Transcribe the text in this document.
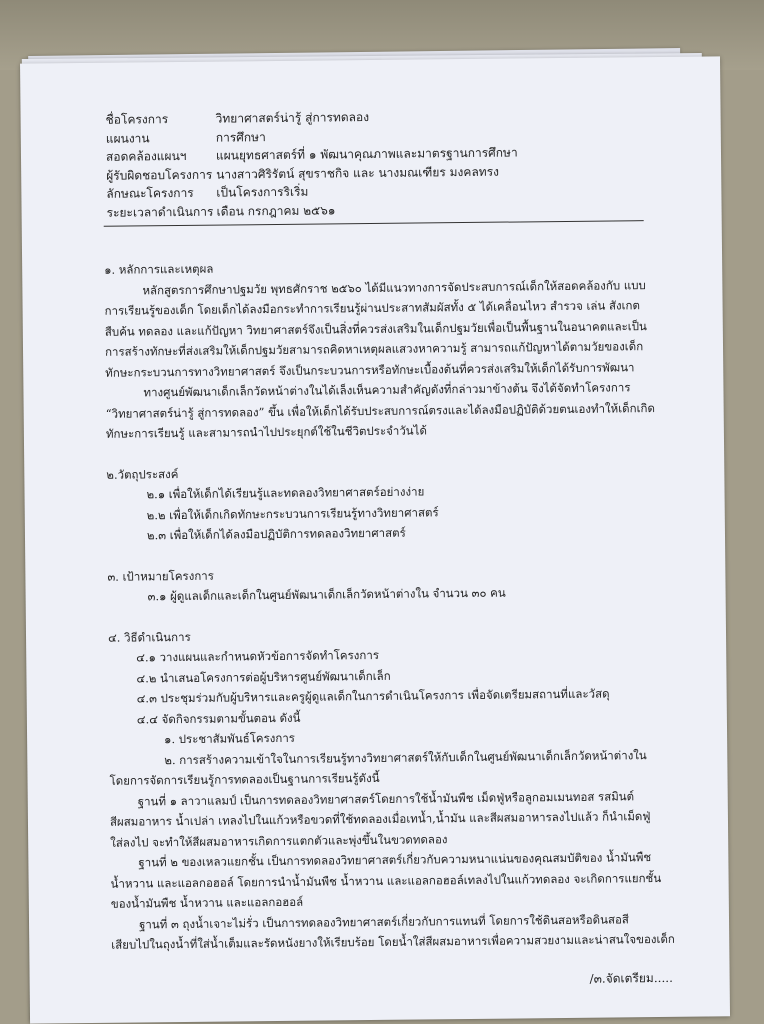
ชื่อโครงการ	วิทยาศาสตร์น่ารู้ สู่การทดลอง
แผนงาน	การศึกษา
สอดคล้องแผนฯ	แผนยุทธศาสตร์ที่ ๑ พัฒนาคุณภาพและมาตรฐานการศึกษา
ผู้รับผิดชอบโครงการ นางสาวศิริรัตน์ สุขราชกิจ และ นางมณเฑียร มงคลทรง
ลักษณะโครงการ	เป็นโครงการริเริ่ม
ระยะเวลาดำเนินการ เดือน กรกฎาคม ๒๕๖๑

๑. หลักการและเหตุผล

หลักสูตรการศึกษาปฐมวัย พุทธศักราช ๒๕๖๐ ได้มีแนวทางการจัดประสบการณ์เด็กให้สอดคล้องกับ แบบ

การเรียนรู้ของเด็ก โดยเด็กได้ลงมือกระทำการเรียนรู้ผ่านประสาทสัมผัสทั้ง ๕ ได้เคลื่อนไหว สำรวจ เล่น สังเกต

สืบค้น ทดลอง และแก้ปัญหา วิทยาศาสตร์จึงเป็นสิ่งที่ควรส่งเสริมในเด็กปฐมวัยเพื่อเป็นพื้นฐานในอนาคตและเป็น

การสร้างทักษะที่ส่งเสริมให้เด็กปฐมวัยสามารถคิดหาเหตุผลแสวงหาความรู้ สามารถแก้ปัญหาได้ตามวัยของเด็ก

ทักษะกระบวนการทางวิทยาศาสตร์ จึงเป็นกระบวนการหรือทักษะเบื้องต้นที่ควรส่งเสริมให้เด็กได้รับการพัฒนา

ทางศูนย์พัฒนาเด็กเล็กวัดหน้าต่างในได้เล็งเห็นความสำคัญดังที่กล่าวมาข้างต้น จึงได้จัดทำโครงการ

“วิทยาศาสตร์น่ารู้ สู่การทดลอง” ขึ้น เพื่อให้เด็กได้รับประสบการณ์ตรงและได้ลงมือปฏิบัติด้วยตนเองทำให้เด็กเกิด

ทักษะการเรียนรู้ และสามารถนำไปประยุกต์ใช้ในชีวิตประจำวันได้

๒.วัตถุประสงค์

๒.๑ เพื่อให้เด็กได้เรียนรู้และทดลองวิทยาศาสตร์อย่างง่าย

๒.๒ เพื่อให้เด็กเกิดทักษะกระบวนการเรียนรู้ทางวิทยาศาสตร์

๒.๓ เพื่อให้เด็กได้ลงมือปฏิบัติการทดลองวิทยาศาสตร์

๓. เป้าหมายโครงการ

๓.๑ ผู้ดูแลเด็กและเด็กในศูนย์พัฒนาเด็กเล็กวัดหน้าต่างใน จำนวน ๓๐ คน

๔. วิธีดำเนินการ

๔.๑ วางแผนและกำหนดหัวข้อการจัดทำโครงการ

๔.๒ นำเสนอโครงการต่อผู้บริหารศูนย์พัฒนาเด็กเล็ก

๔.๓ ประชุมร่วมกับผู้บริหารและครูผู้ดูแลเด็กในการดำเนินโครงการ เพื่อจัดเตรียมสถานที่และวัสดุ

๔.๔ จัดกิจกรรมตามขั้นตอน ดังนี้

๑. ประชาสัมพันธ์โครงการ

๒. การสร้างความเข้าใจในการเรียนรู้ทางวิทยาศาสตร์ให้กับเด็กในศูนย์พัฒนาเด็กเล็กวัดหน้าต่างใน

โดยการจัดการเรียนรู้การทดลองเป็นฐานการเรียนรู้ดังนี้

ฐานที่ ๑ ลาวาแลมป์ เป็นการทดลองวิทยาศาสตร์โดยการใช้น้ำมันพืช เม็ดฟู่หรือลูกอมเมนทอส รสมินต์

สีผสมอาหาร น้ำเปล่า เทลงไปในแก้วหรือขวดที่ใช้ทดลองเมื่อเทน้ำ,น้ำมัน และสีผสมอาหารลงไปแล้ว ก็นำเม็ดฟู่

ใส่ลงไป จะทำให้สีผสมอาหารเกิดการแตกตัวและพุ่งขึ้นในขวดทดลอง

ฐานที่ ๒ ของเหลวแยกชั้น เป็นการทดลองวิทยาศาสตร์เกี่ยวกับความหนาแน่นของคุณสมบัติของ น้ำมันพืช

น้ำหวาน และแอลกอฮอล์ โดยการนำน้ำมันพืช น้ำหวาน และแอลกอฮอล์เทลงไปในแก้วทดลอง จะเกิดการแยกชั้น

ของน้ำมันพืช น้ำหวาน และแอลกอฮอล์

ฐานที่ ๓ ถุงน้ำเจาะไม่รั่ว เป็นการทดลองวิทยาศาสตร์เกี่ยวกับการแทนที่ โดยการใช้ดินสอหรือดินสอสี

เสียบไปในถุงน้ำที่ใส่น้ำเต็มและรัดหนังยางให้เรียบร้อย โดยน้ำใส่สีผสมอาหารเพื่อความสวยงามและน่าสนใจของเด็ก

/๓.จัดเตรียม.....
